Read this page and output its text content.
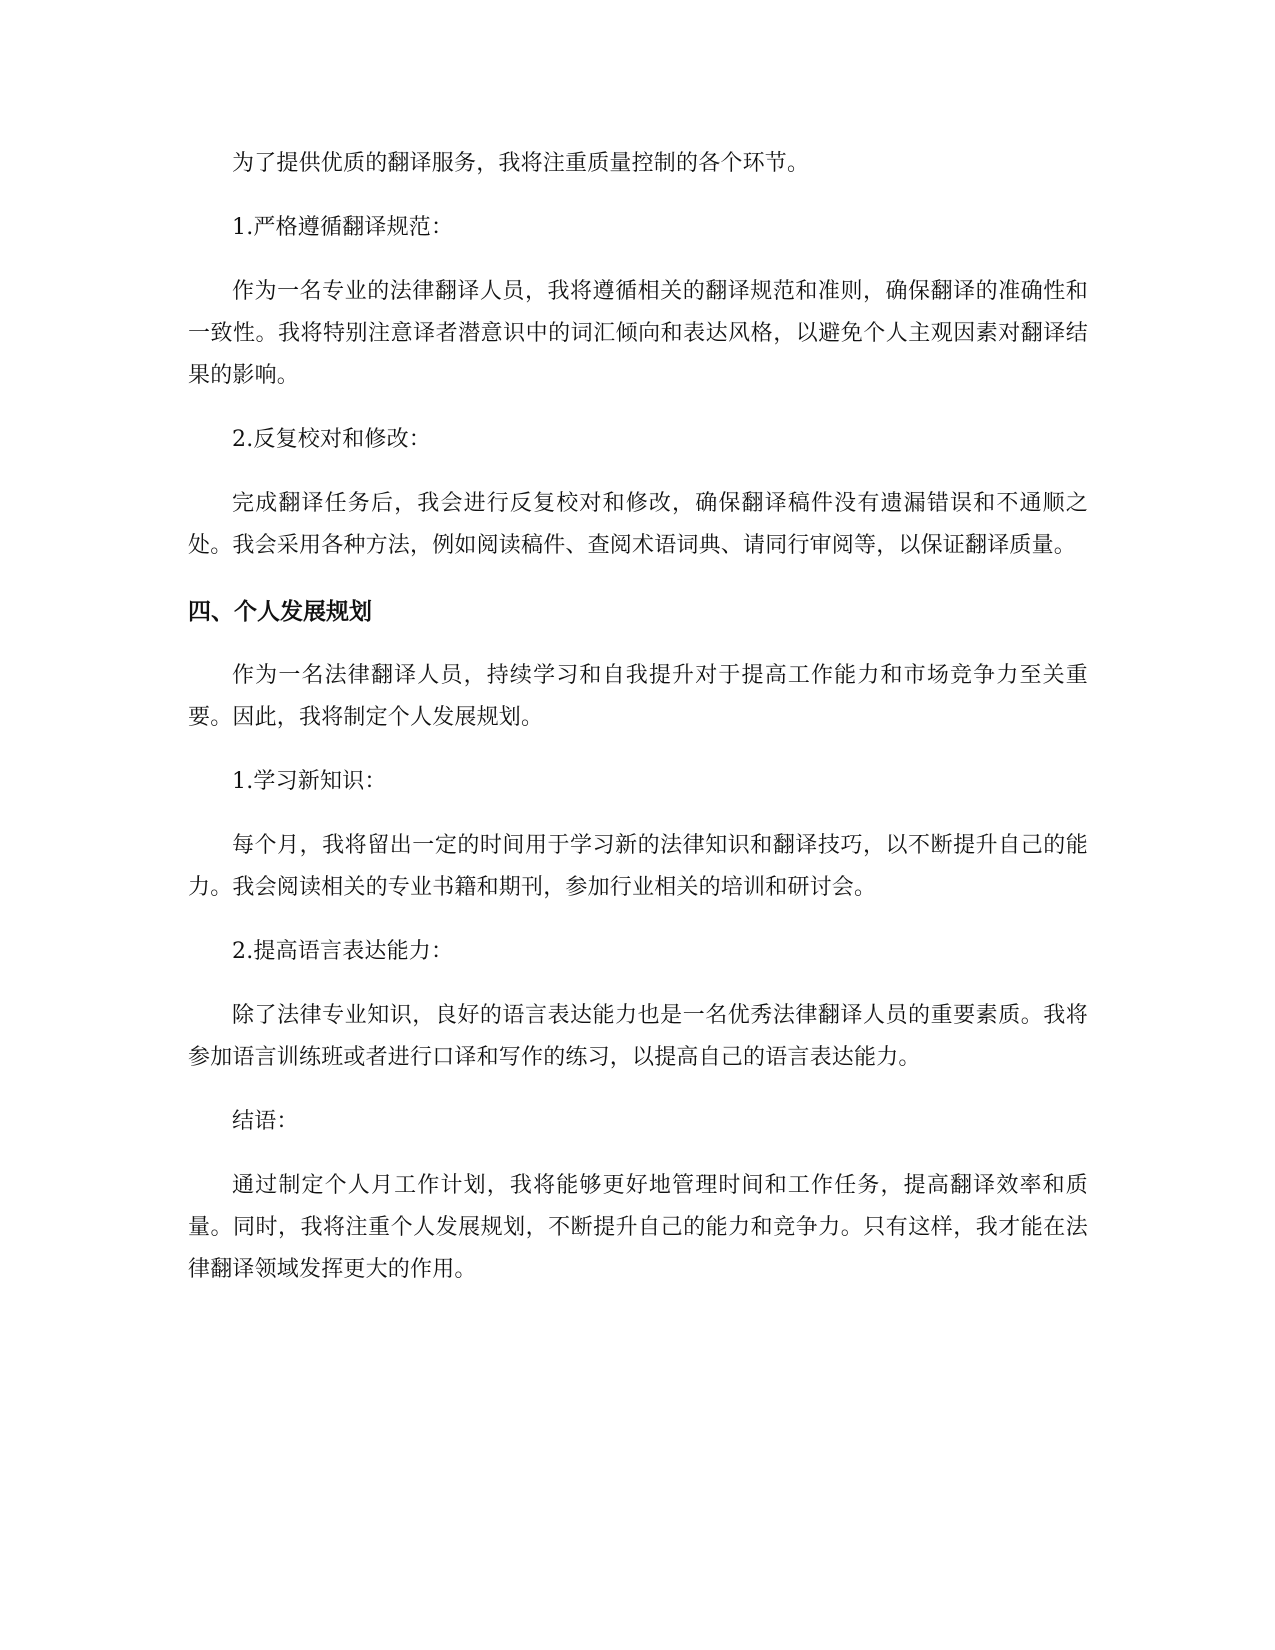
为了提供优质的翻译服务，我将注重质量控制的各个环节。

1.严格遵循翻译规范：

作为一名专业的法律翻译人员，我将遵循相关的翻译规范和准则，确保翻译的准确性和一致性。我将特别注意译者潜意识中的词汇倾向和表达风格，以避免个人主观因素对翻译结果的影响。

2.反复校对和修改：

完成翻译任务后，我会进行反复校对和修改，确保翻译稿件没有遗漏错误和不通顺之处。我会采用各种方法，例如阅读稿件、查阅术语词典、请同行审阅等，以保证翻译质量。

四、个人发展规划

作为一名法律翻译人员，持续学习和自我提升对于提高工作能力和市场竞争力至关重要。因此，我将制定个人发展规划。

1.学习新知识：

每个月，我将留出一定的时间用于学习新的法律知识和翻译技巧，以不断提升自己的能力。我会阅读相关的专业书籍和期刊，参加行业相关的培训和研讨会。

2.提高语言表达能力：

除了法律专业知识，良好的语言表达能力也是一名优秀法律翻译人员的重要素质。我将参加语言训练班或者进行口译和写作的练习，以提高自己的语言表达能力。

结语：

通过制定个人月工作计划，我将能够更好地管理时间和工作任务，提高翻译效率和质量。同时，我将注重个人发展规划，不断提升自己的能力和竞争力。只有这样，我才能在法律翻译领域发挥更大的作用。
